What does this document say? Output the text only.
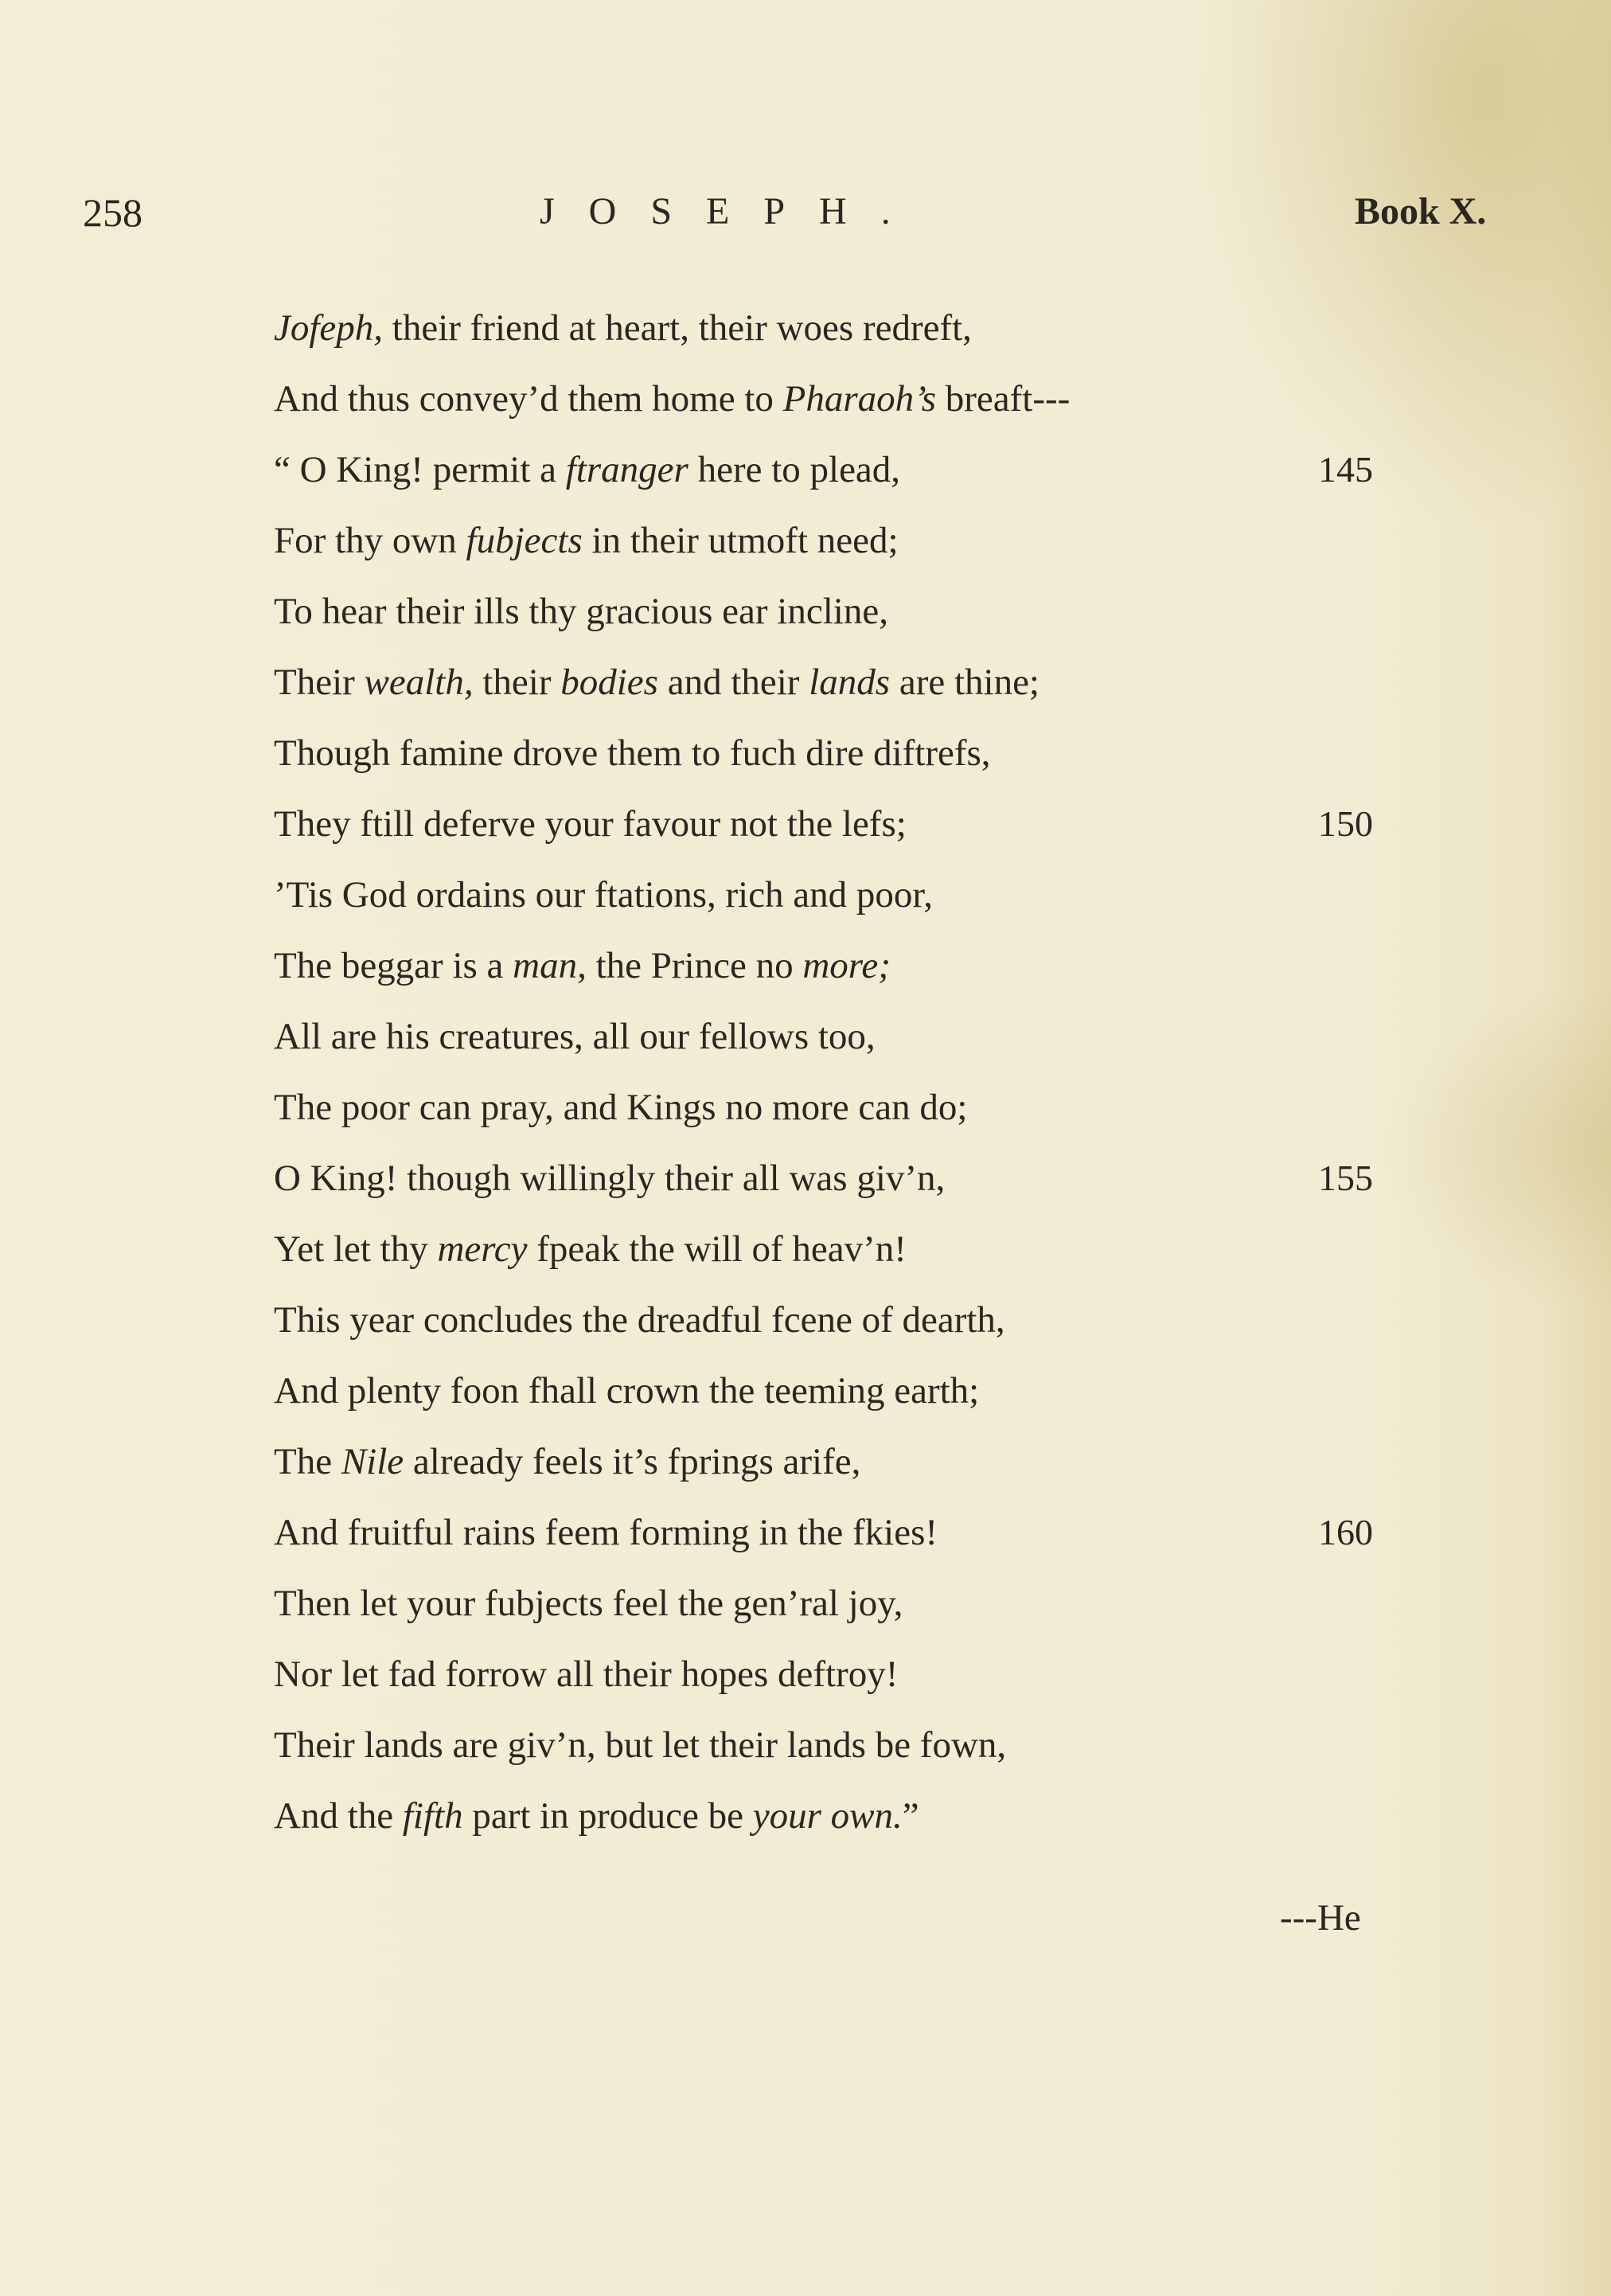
258	JOSEPH.	Book X.
Jofeph, their friend at heart, their woes redreft,
And thus convey’d them home to Pharaoh’s breaft---
“ O King! permit a ftranger here to plead,	145
For thy own fubjects in their utmoft need;
To hear their ills thy gracious ear incline,
Their wealth, their bodies and their lands are thine;
Though famine drove them to fuch dire diftrefs,
They ftill deferve your favour not the lefs;	150
’Tis God ordains our ftations, rich and poor,
The beggar is a man, the Prince no more;
All are his creatures, all our fellows too,
The poor can pray, and Kings no more can do;
O King! though willingly their all was giv’n,	155
Yet let thy mercy fpeak the will of heav’n!
This year concludes the dreadful fcene of dearth,
And plenty foon fhall crown the teeming earth;
The Nile already feels it’s fprings arife,
And fruitful rains feem forming in the fkies!	160
Then let your fubjects feel the gen’ral joy,
Nor let fad forrow all their hopes deftroy!
Their lands are giv’n, but let their lands be fown,
And the fifth part in produce be your own.”
---He
